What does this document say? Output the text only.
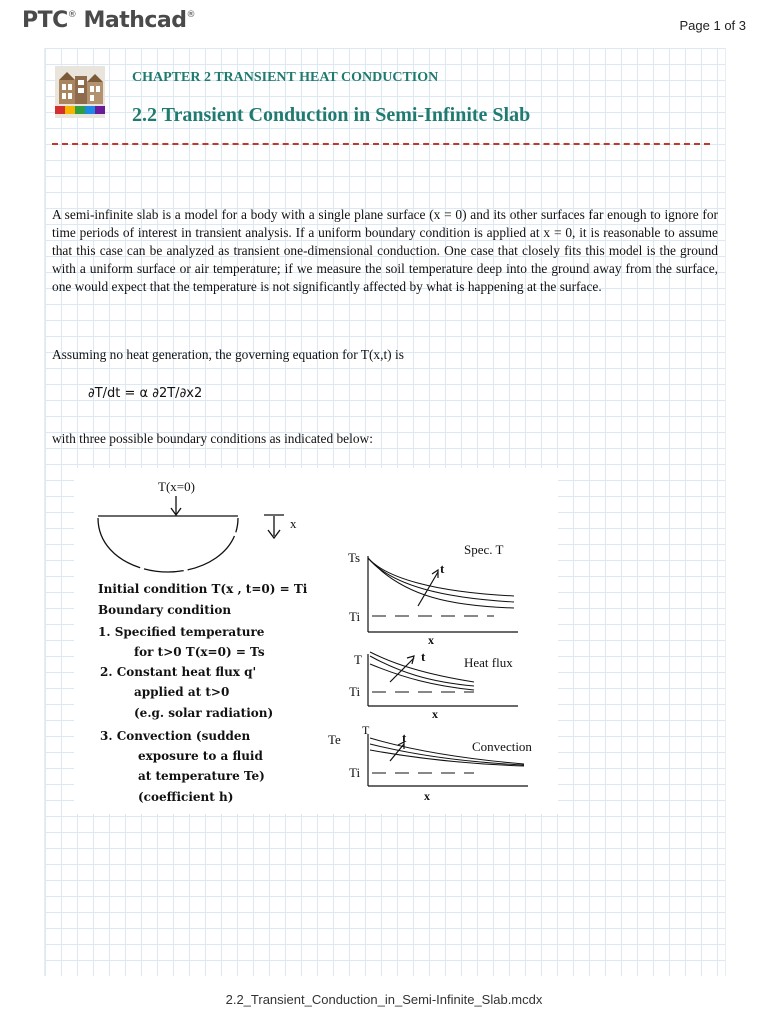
PTC® Mathcad®
Page 1 of 3
CHAPTER 2 TRANSIENT HEAT CONDUCTION
2.2 Transient Conduction in Semi-Infinite Slab
A semi-infinite slab is a model for a body with a single plane surface (x = 0) and its other surfaces far enough to ignore for time periods of interest in transient analysis. If a uniform boundary condition is applied at x = 0, it is reasonable to assume that this case can be analyzed as transient one-dimensional conduction. One case that closely fits this model is the ground with a uniform surface or air temperature; if we measure the soil temperature deep into the ground away from the surface, one would expect that the temperature is not significantly affected by what is happening at the surface.
Assuming no heat generation, the governing equation for T(x,t) is
∂T/dt = α ∂2T/∂x2
with three possible boundary conditions as indicated below:
T(x=0)
x
Initial condition T(x , t=0) = Ti
Boundary condition
1. Specified temperature
for t>0 T(x=0) = Ts
2. Constant heat flux q'
applied at t>0
(e.g. solar radiation)
3. Convection (sudden
exposure to a fluid
at temperature Te)
(coefficient h)
Ts
Ti
t
x
Spec. T
T
Ti
t
x
Heat flux
Te
T
Ti
t
x
Convection
2.2_Transient_Conduction_in_Semi-Infinite_Slab.mcdx
